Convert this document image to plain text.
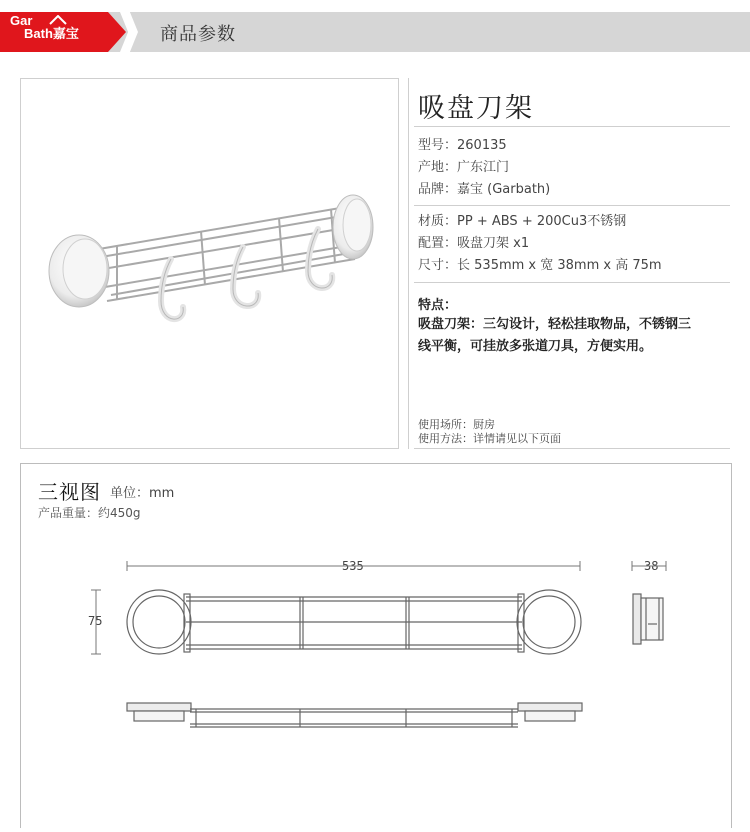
Gar
Bath嘉宝	商品参数
吸盘刀架
型号：260135
产地：广东江门
品牌：嘉宝 (Garbath)
材质：PP + ABS + 200Cu3不锈钢
配置：吸盘刀架 x1
尺寸：长 535mm x 宽 38mm x 高 75m
特点：
吸盘刀架：三勾设计，轻松挂取物品，不锈钢三
线平衡，可挂放多张道刀具，方便实用。
使用场所：厨房
使用方法：详情请见以下页面
三视图 单位：mm
产品重量：约450g
535	38
75
